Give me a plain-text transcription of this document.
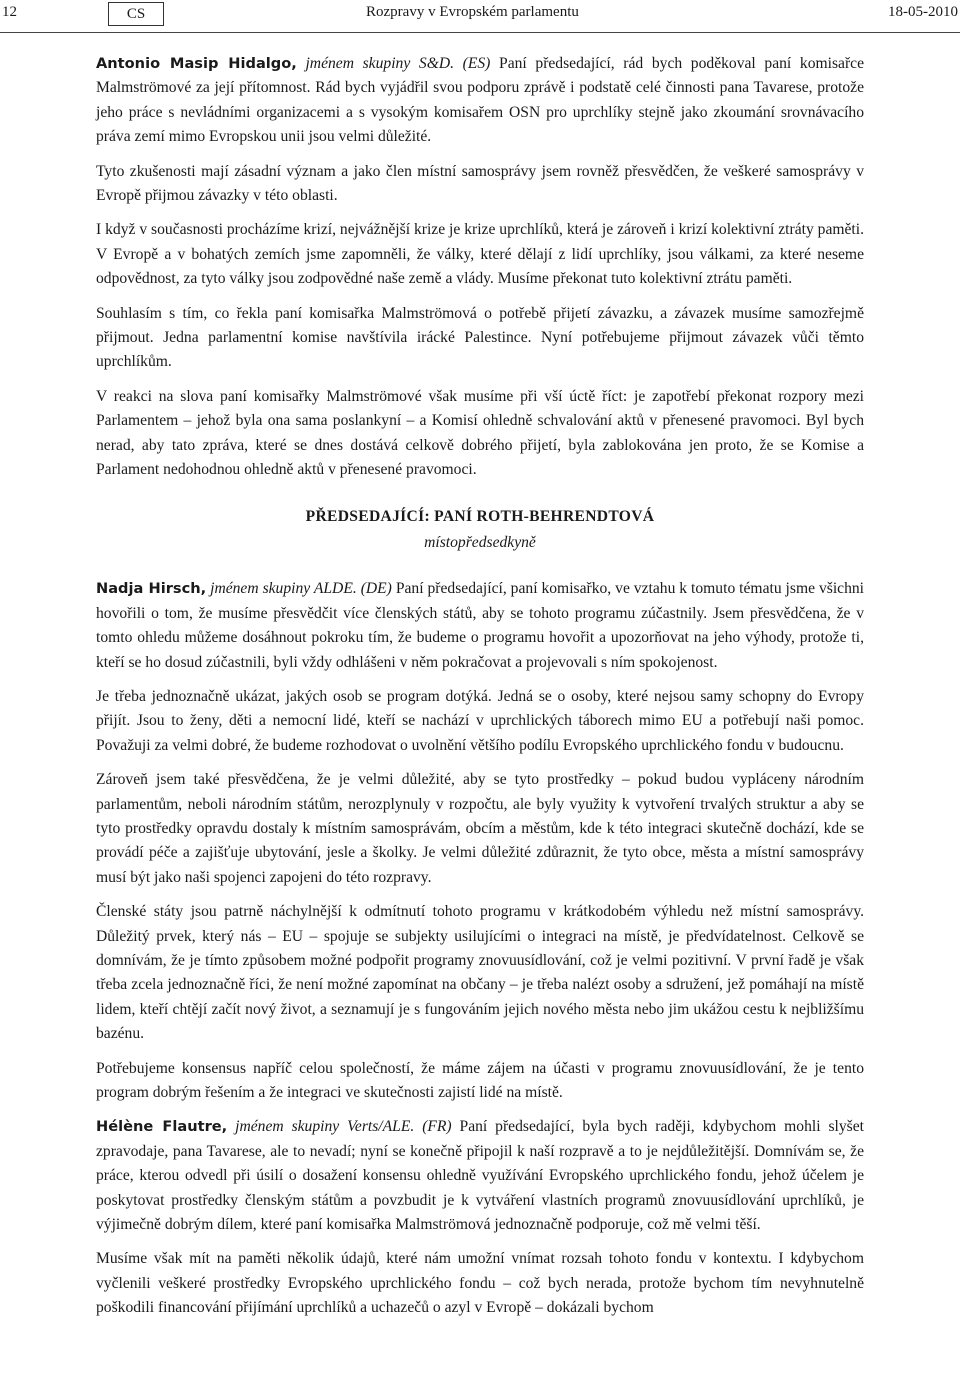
12	CS	Rozpravy v Evropském parlamentu	18-05-2010

Antonio Masip Hidalgo, jménem skupiny S&D. (ES) Paní předsedající, rád bych poděkoval paní komisařce Malmströmové za její přítomnost. Rád bych vyjádřil svou podporu zprávě i podstatě celé činnosti pana Tavarese, protože jeho práce s nevládními organizacemi a s vysokým komisařem OSN pro uprchlíky stejně jako zkoumání srovnávacího práva zemí mimo Evropskou unii jsou velmi důležité.

Tyto zkušenosti mají zásadní význam a jako člen místní samosprávy jsem rovněž přesvědčen, že veškeré samosprávy v Evropě přijmou závazky v této oblasti.

I když v současnosti procházíme krizí, nejvážnější krize je krize uprchlíků, která je zároveň i krizí kolektivní ztráty paměti. V Evropě a v bohatých zemích jsme zapomněli, že války, které dělají z lidí uprchlíky, jsou válkami, za které neseme odpovědnost, za tyto války jsou zodpovědné naše země a vlády. Musíme překonat tuto kolektivní ztrátu paměti.

Souhlasím s tím, co řekla paní komisařka Malmströmová o potřebě přijetí závazku, a závazek musíme samozřejmě přijmout. Jedna parlamentní komise navštívila irácké Palestince. Nyní potřebujeme přijmout závazek vůči těmto uprchlíkům.

V reakci na slova paní komisařky Malmströmové však musíme při vší úctě říct: je zapotřebí překonat rozpory mezi Parlamentem – jehož byla ona sama poslankyní – a Komisí ohledně schvalování aktů v přenesené pravomoci. Byl bych nerad, aby tato zpráva, které se dnes dostává celkově dobrého přijetí, byla zablokována jen proto, že se Komise a Parlament nedohodnou ohledně aktů v přenesené pravomoci.

PŘEDSEDAJÍCÍ: PANÍ ROTH-BEHRENDTOVÁ
místopředsedkyně

Nadja Hirsch, jménem skupiny ALDE. (DE) Paní předsedající, paní komisařko, ve vztahu k tomuto tématu jsme všichni hovořili o tom, že musíme přesvědčit více členských států, aby se tohoto programu zúčastnily. Jsem přesvědčena, že v tomto ohledu můžeme dosáhnout pokroku tím, že budeme o programu hovořit a upozorňovat na jeho výhody, protože ti, kteří se ho dosud zúčastnili, byli vždy odhlášeni v něm pokračovat a projevovali s ním spokojenost.

Je třeba jednoznačně ukázat, jakých osob se program dotýká. Jedná se o osoby, které nejsou samy schopny do Evropy přijít. Jsou to ženy, děti a nemocní lidé, kteří se nachází v uprchlických táborech mimo EU a potřebují naši pomoc. Považuji za velmi dobré, že budeme rozhodovat o uvolnění většího podílu Evropského uprchlického fondu v budoucnu.

Zároveň jsem také přesvědčena, že je velmi důležité, aby se tyto prostředky – pokud budou vypláceny národním parlamentům, neboli národním státům, nerozplynuly v rozpočtu, ale byly využity k vytvoření trvalých struktur a aby se tyto prostředky opravdu dostaly k místním samosprávám, obcím a městům, kde k této integraci skutečně dochází, kde se provádí péče a zajišťuje ubytování, jesle a školky. Je velmi důležité zdůraznit, že tyto obce, města a místní samosprávy musí být jako naši spojenci zapojeni do této rozpravy.

Členské státy jsou patrně náchylnější k odmítnutí tohoto programu v krátkodobém výhledu než místní samosprávy. Důležitý prvek, který nás – EU – spojuje se subjekty usilujícími o integraci na místě, je předvídatelnost. Celkově se domnívám, že je tímto způsobem možné podpořit programy znovuusídlování, což je velmi pozitivní. V první řadě je však třeba zcela jednoznačně říci, že není možné zapomínat na občany – je třeba nalézt osoby a sdružení, jež pomáhají na místě lidem, kteří chtějí začít nový život, a seznamují je s fungováním jejich nového města nebo jim ukážou cestu k nejbližšímu bazénu.

Potřebujeme konsensus napříč celou společností, že máme zájem na účasti v programu znovuusídlování, že je tento program dobrým řešením a že integraci ve skutečnosti zajistí lidé na místě.

Hélène Flautre, jménem skupiny Verts/ALE. (FR) Paní předsedající, byla bych raději, kdybychom mohli slyšet zpravodaje, pana Tavarese, ale to nevadí; nyní se konečně připojil k naší rozpravě a to je nejdůležitější. Domnívám se, že práce, kterou odvedl při úsilí o dosažení konsensu ohledně využívání Evropského uprchlického fondu, jehož účelem je poskytovat prostředky členským státům a povzbudit je k vytváření vlastních programů znovuusídlování uprchlíků, je výjimečně dobrým dílem, které paní komisařka Malmströmová jednoznačně podporuje, což mě velmi těší.

Musíme však mít na paměti několik údajů, které nám umožní vnímat rozsah tohoto fondu v kontextu. I kdybychom vyčlenili veškeré prostředky Evropského uprchlického fondu – což bych nerada, protože bychom tím nevyhnutelně poškodili financování přijímání uprchlíků a uchazečů o azyl v Evropě – dokázali bychom
